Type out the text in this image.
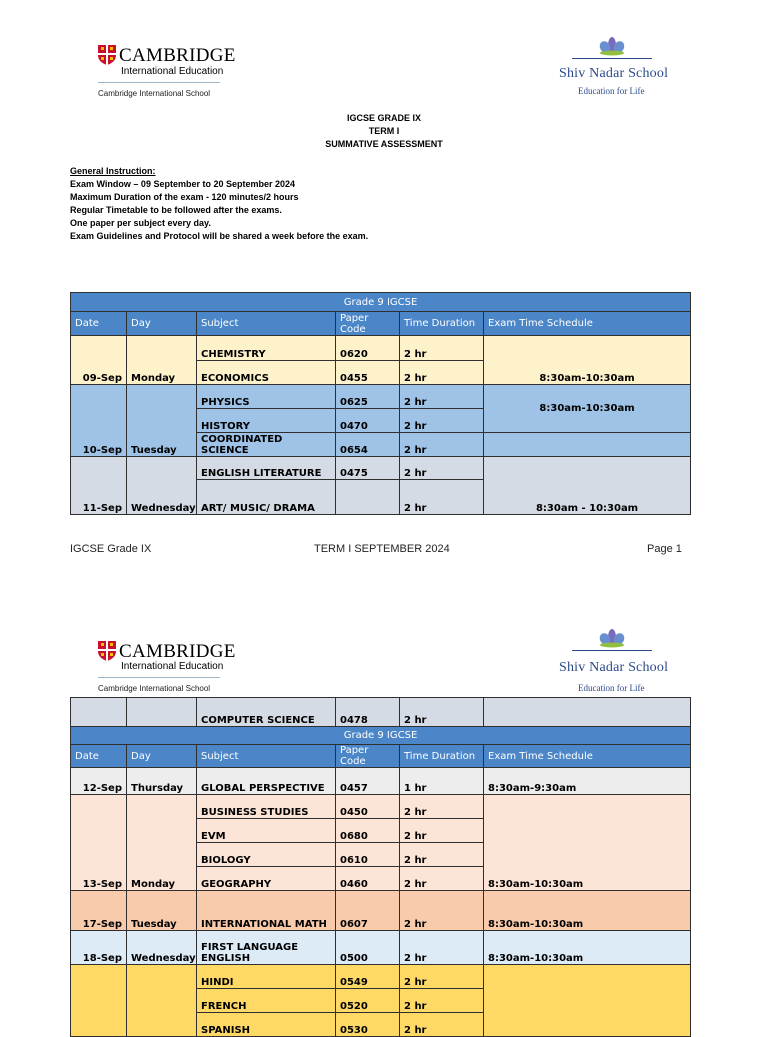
CAMBRIDGE
International Education
Cambridge International School
Shiv Nadar School
Education for Life
IGCSE GRADE IX
TERM I
SUMMATIVE ASSESSMENT
General Instruction:
Exam Window – 09 September to 20 September 2024
Maximum Duration of the exam - 120 minutes/2 hours
Regular Timetable to be followed after the exams.
One paper per subject every day.
Exam Guidelines and Protocol will be shared a week before the exam.
Grade 9 IGCSE					
Date	Day	Subject	Paper Code	Time Duration	Exam Time Schedule
09-Sep	Monday	CHEMISTRY	0620	2 hr	8:30am-10:30am
		ECONOMICS	0455	2 hr	
10-Sep	Tuesday	PHYSICS	0625	2 hr	8:30am-10:30am
		HISTORY	0470	2 hr	
		COORDINATED SCIENCE	0654	2 hr	
11-Sep	Wednesday	ENGLISH LITERATURE	0475	2 hr	8:30am - 10:30am
		ART/ MUSIC/ DRAMA		2 hr	
IGCSE Grade IX	TERM I SEPTEMBER 2024	Page 1
CAMBRIDGE
International Education
Cambridge International School
Shiv Nadar School
Education for Life
		COMPUTER SCIENCE	0478	2 hr	
Grade 9 IGCSE					
Date	Day	Subject	Paper Code	Time Duration	Exam Time Schedule
12-Sep	Thursday	GLOBAL PERSPECTIVE	0457	1 hr	8:30am-9:30am
13-Sep	Monday	BUSINESS STUDIES	0450	2 hr	8:30am-10:30am
		EVM	0680	2 hr	
		BIOLOGY	0610	2 hr	
		GEOGRAPHY	0460	2 hr	
17-Sep	Tuesday	INTERNATIONAL MATH	0607	2 hr	8:30am-10:30am
18-Sep	Wednesday	FIRST LANGUAGE
ENGLISH	0500	2 hr	8:30am-10:30am
		HINDI	0549	2 hr	
		FRENCH	0520	2 hr	
		SPANISH	0530	2 hr	
